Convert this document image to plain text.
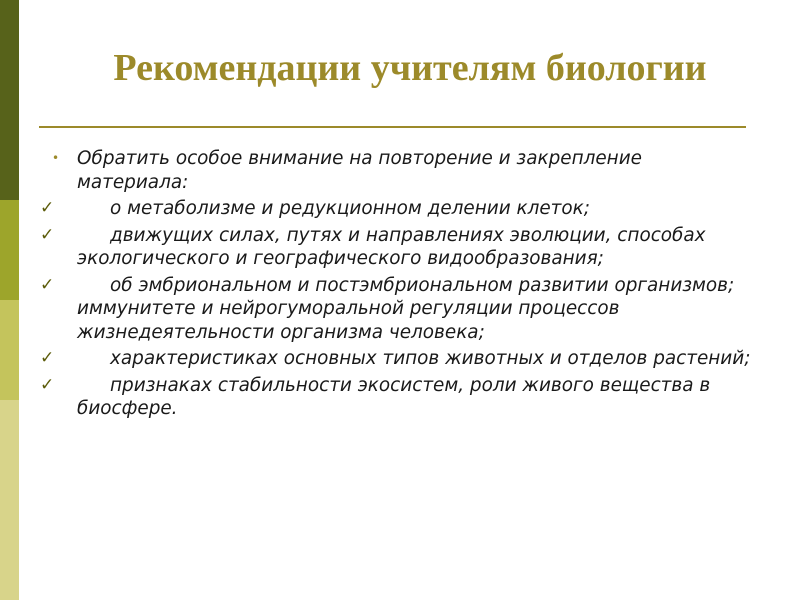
Рекомендации учителям биологии
• Обратить особое внимание на повторение и закрепление материала:
✓	о метаболизме и редукционном делении клеток;
✓	движущих силах, путях и направлениях эволюции, способах экологического и географического видообразования;
✓	об эмбриональном и постэмбриональном развитии организмов; иммунитете и нейрогуморальной регуляции процессов жизнедеятельности организма человека;
✓	характеристиках основных типов животных и отделов растений;
✓	признаках стабильности экосистем, роли живого вещества в биосфере.
